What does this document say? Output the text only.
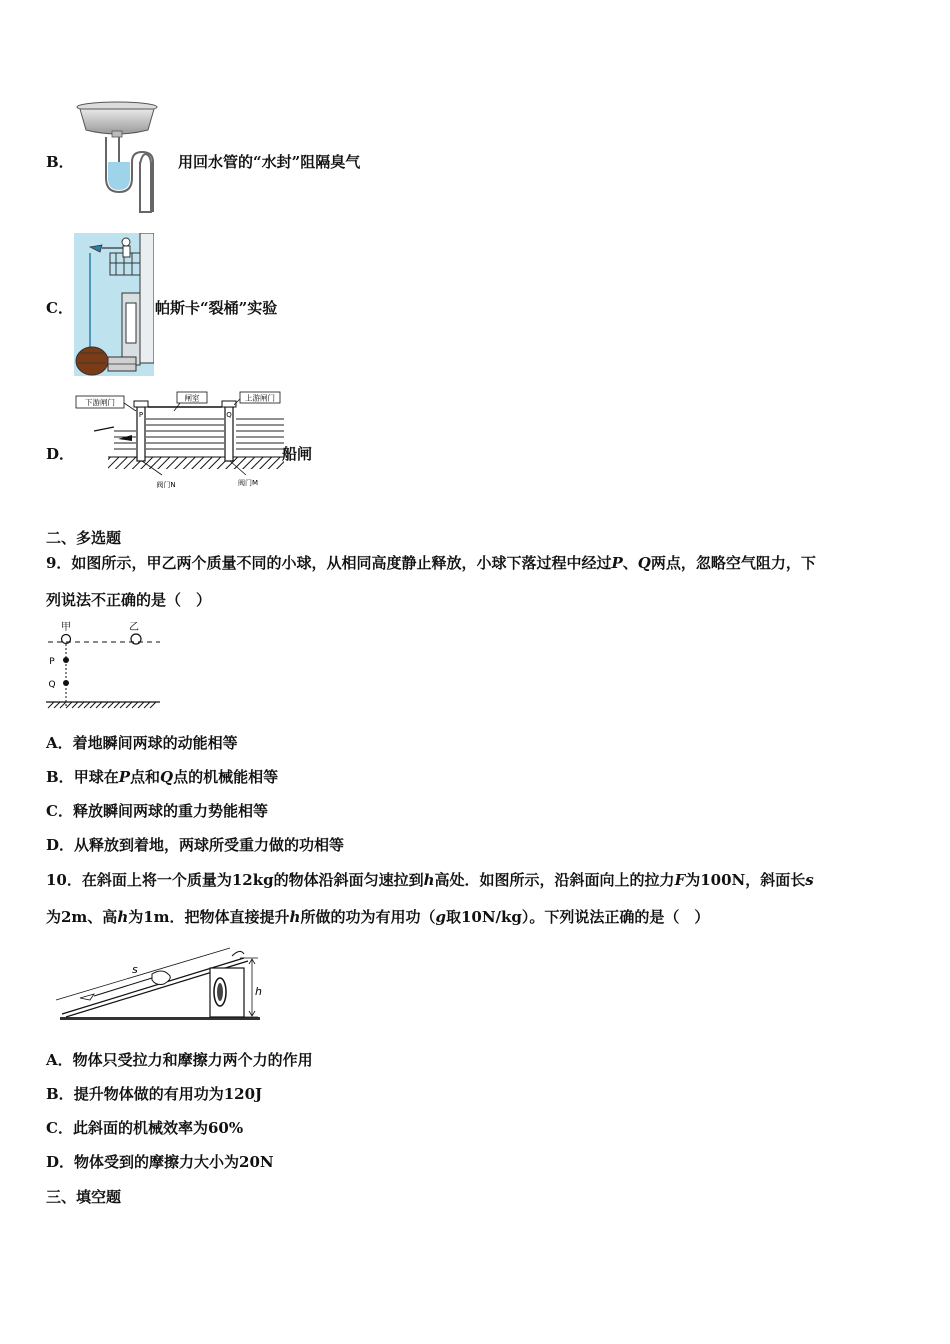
B．	用回水管的“水封”阻隔臭气
C．	帕斯卡“裂桶”实验
D．
下游闸门	闸室	上游闸门
P	Q
阀门N	阀门M
船闸
二、多选题
9．如图所示，甲乙两个质量不同的小球，从相同高度静止释放，小球下落过程中经过P、Q两点，忽略空气阻力，下
列说法不正确的是（　）
甲	乙
P
Q
A．着地瞬间两球的动能相等
B．甲球在P点和Q点的机械能相等
C．释放瞬间两球的重力势能相等
D．从释放到着地，两球所受重力做的功相等
10．在斜面上将一个质量为12kg的物体沿斜面匀速拉到h高处．如图所示，沿斜面向上的拉力F为100N，斜面长s
为2m、高h为1m．把物体直接提升h所做的功为有用功（g取10N/kg）。下列说法正确的是（　）
h
s
A．物体只受拉力和摩擦力两个力的作用
B．提升物体做的有用功为120J
C．此斜面的机械效率为60%
D．物体受到的摩擦力大小为20N
三、填空题
